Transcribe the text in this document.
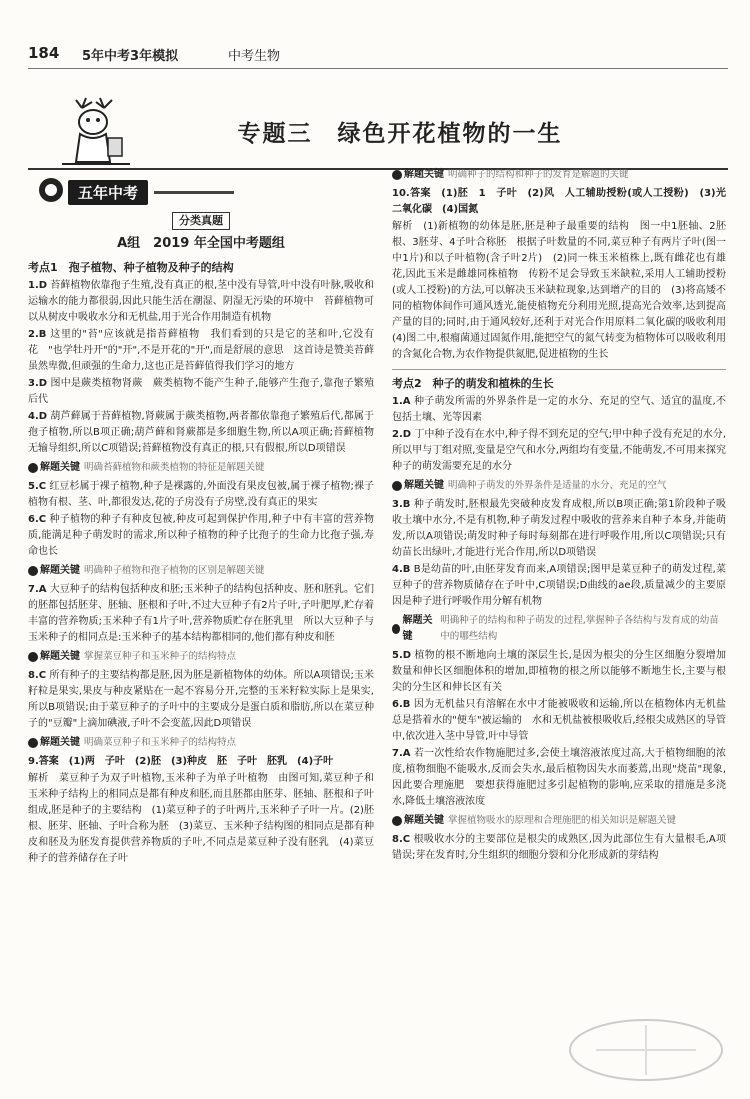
184 5年中考3年模拟	中考生物
专题三　绿色开花植物的一生
五年中考
分类真题
A组　2019 年全国中考题组
考点1　孢子植物、种子植物及种子的结构

1.D 苔藓植物依靠孢子生殖,没有真正的根,茎中没有导管,叶中没有叶脉,吸收和运输水的能力都很弱,因此只能生活在潮湿、阴湿无污染的环境中　苔藓植物可以从树皮中吸收水分和无机盐,用于光合作用制造有机物

2.B 这里的"苔"应该就是指苔藓植物　我们看到的只是它的茎和叶,它没有花　"也学牡丹开"的"开",不是开花的"开",而是舒展的意思　这首诗是赞美苔藓虽然卑微,但顽强的生命力,这也正是苔藓值得我们学习的地方

3.D 图中是蕨类植物肾蕨　蕨类植物不能产生种子,能够产生孢子,靠孢子繁殖后代

4.D 葫芦藓属于苔藓植物,肾蕨属于蕨类植物,两者都依靠孢子繁殖后代,都属于孢子植物,所以B项正确;葫芦藓和肾蕨都是多细胞生物,所以A项正确;苔藓植物无输导组织,所以C项错误;苔藓植物没有真正的根,只有假根,所以D项错误

解题关键 明确苔藓植物和蕨类植物的特征是解题关键

5.C 红豆杉属于裸子植物,种子是裸露的,外面没有果皮包被,属于裸子植物;裸子植物有根、茎、叶,都很发达,花的子房没有子房壁,没有真正的果实

6.C 种子植物的种子有种皮包被,种皮可起到保护作用,种子中有丰富的营养物质,能满足种子萌发时的需求,所以种子植物的种子比孢子的生命力比孢子强,寿命也长

解题关键 明确种子植物和孢子植物的区别是解题关键

7.A 大豆种子的结构包括种皮和胚;玉米种子的结构包括种皮、胚和胚乳。它们的胚都包括胚芽、胚轴、胚根和子叶,不过大豆种子有2片子叶,子叶肥厚,贮存着丰富的营养物质;玉米种子有1片子叶,营养物质贮存在胚乳里　所以大豆种子与玉米种子的相同点是:玉米种子的基本结构都相同的,他们都有种皮和胚

解题关键 掌握菜豆种子和玉米种子的结构特点

8.C 所有种子的主要结构都是胚,因为胚是新植物体的幼体。所以A项错误;玉米籽粒是果实,果皮与种皮紧贴在一起不容易分开,完整的玉米籽粒实际上是果实,所以B项错误;由于菜豆种子的子叶中的主要成分是蛋白质和脂肪,所以在菜豆种子的"豆瓣"上滴加碘液,子叶不会变蓝,因此D项错误

解题关键 明确菜豆种子和玉米种子的结构特点

9.答案　(1)两　子叶　(2)胚　(3)种皮　胚　子叶　胚乳　(4)子叶

解析　菜豆种子为双子叶植物,玉米种子为单子叶植物　由图可知,菜豆种子和玉米种子结构上的相同点是都有种皮和胚,而且胚都由胚芽、胚轴、胚根和子叶组成,胚是种子的主要结构　(1)菜豆种子的子叶两片,玉米种子子叶一片。(2)胚根、胚芽、胚轴、子叶合称为胚　(3)菜豆、玉米种子结构图的相同点是都有种皮和胚及为胚发育提供营养物质的子叶,不同点是菜豆种子没有胚乳　(4)菜豆种子的营养储存在子叶

解题关键 明确种子的结构和种子的发育是解题的关键

10.答案　(1)胚　1　子叶　(2)风　人工辅助授粉(或人工授粉)　(3)光　二氧化碳　(4)国氮

解析　(1)新植物的幼体是胚,胚是种子最重要的结构　图一中1胚轴、2胚根、3胚芽、4子叶合称胚　根据子叶数量的不同,菜豆种子有两片子叶(图一中1片)和以子叶植物(含子叶2片)　(2)同一株玉米植株上,既有雌花也有雄花,因此玉米是雌雄同株植物　传粉不足会导致玉米缺粒,采用人工辅助授粉(或人工授粉)的方法,可以解决玉米缺粒现象,达到增产的目的　(3)将高矮不同的植物体间作可通风透光,能使植物充分利用光照,提高光合效率,达到提高产量的目的;同时,由于通风较好,还利于对光合作用原料二氧化碳的吸收利用　(4)图二中,根瘤菌通过固氮作用,能把空气的氮气转变为植物体可以吸收利用的含氮化合物,为农作物提供氮肥,促进植物的生长

考点2　种子的萌发和植株的生长

1.A 种子萌发所需的外界条件是一定的水分、充足的空气、适宜的温度,不包括土壤、光等因素

2.D 丁中种子没有在水中,种子得不到充足的空气;甲中种子没有充足的水分,所以甲与丁组对照,变量是空气和水分,两组均有变量,不能萌发,不可用来探究种子的萌发需要充足的水分

解题关键 明确种子萌发的外界条件是适量的水分、充足的空气

3.B 种子萌发时,胚根最先突破种皮发育成根,所以B项正确;第1阶段种子吸收土壤中水分,不是有机物,种子萌发过程中吸收的营养来自种子本身,并能萌发,所以A项错误;萌发时种子每时每刻都在进行呼吸作用,所以C项错误;只有幼苗长出绿叶,才能进行光合作用,所以D项错误

4.B B是幼苗的叶,由胚芽发育而来,A项错误;图甲是菜豆种子的萌发过程,菜豆种子的营养物质储存在子叶中,C项错误;D曲线的ae段,质量减少的主要原因是种子进行呼吸作用分解有机物

解题关键
明确种子的结构和种子萌发的过程,掌握种子各结构与发育成的幼苗中的哪些结构

5.D 植物的根不断地向土壤的深层生长,是因为根尖的分生区细胞分裂增加数量和伸长区细胞体积的增加,即植物的根之所以能够不断地生长,主要与根尖的分生区和伸长区有关

6.B 因为无机盐只有溶解在水中才能被吸收和运输,所以在植物体内无机盐总是搭着水的"便车"被运输的　水和无机盐被根吸收后,经根尖成熟区的导管中,依次进入茎中导管,叶中导管

7.A 若一次性给农作物施肥过多,会使土壤溶液浓度过高,大于植物细胞的浓度,植物细胞不能吸水,反而会失水,最后植物因失水而萎蔫,出现"烧苗"现象,因此要合理施肥　要想获得施肥过多引起植物的影响,应采取的措施是多浇水,降低土壤溶液浓度

解题关键 掌握植物吸水的原理和合理施肥的相关知识是解题关键

8.C 根吸收水分的主要部位是根尖的成熟区,因为此部位生有大量根毛,A项错误;芽在发育时,分生组织的细胞分裂和分化形成新的芽结构
